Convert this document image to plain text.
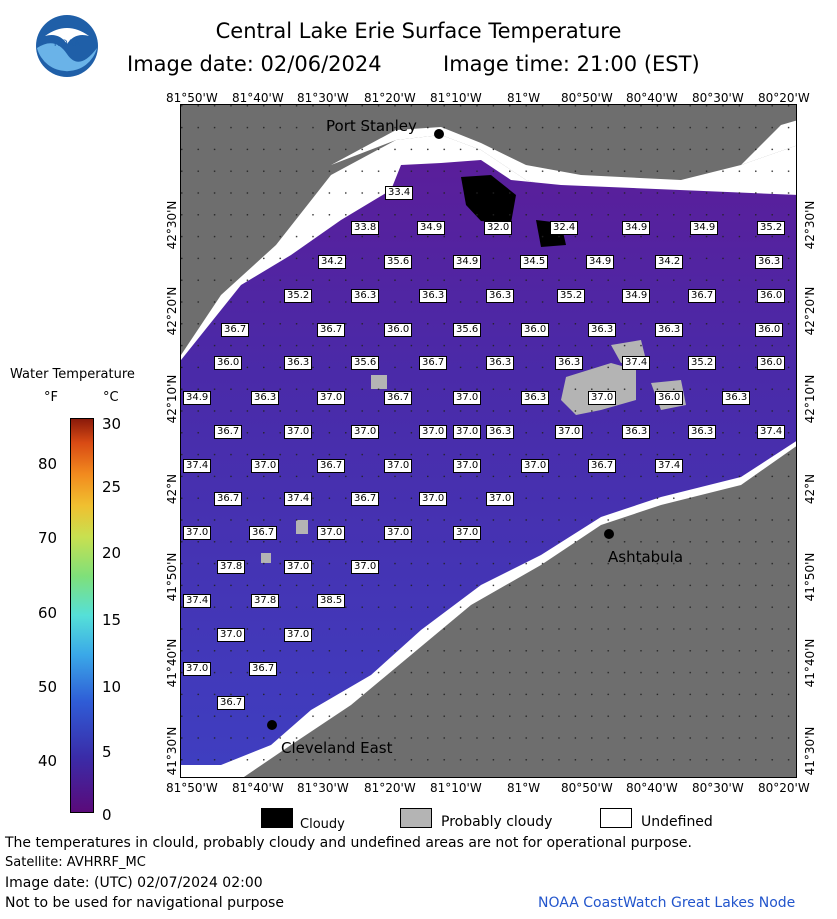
NOAA
Central Lake Erie Surface Temperature
Image date: 02/06/2024	Image time: 21:00 (EST)
81°50'W 81°40'W 81°30'W 81°20'W 81°10'W 81°W 80°50'W 80°40'W 80°30'W 80°20'W
81°50'W 81°40'W 81°30'W 81°20'W 81°10'W 81°W 80°50'W 80°40'W 80°30'W 80°20'W
42°30'N
42°20'N
42°10'N
42°N
41°50'N
41°40'N
41°30'N
42°30'N
42°20'N
42°10'N
42°N
41°50'N
41°40'N
41°30'N
Port Stanley
Ashtabula
Cleveland East
33.4
33.8	34.9	32.0	32.4	34.9	34.9	35.2
34.2	35.6	34.9	34.5	34.9	34.2	36.3
35.2	36.3	36.3	36.3	35.2	34.9	36.7	36.0
36.7	36.7	36.0	35.6	36.0	36.3	36.3	36.0
36.0	36.3	35.6	36.7	36.3	36.3	37.4	35.2	36.0
34.9	36.3	37.0	36.7	37.0	36.3	37.0	36.0	36.3
36.7	37.0	37.0	37.0	37.0	36.3	37.0	36.3	36.3	37.4
37.4	37.0	36.7	37.0	37.0	37.0	36.7	37.4
36.7	37.4	36.7	37.0	37.0
37.0	36.7	37.0	37.0	37.0
37.8	37.0	37.0
37.4	37.8	38.5
37.0	37.0
37.0	36.7
36.7
Water Temperature
°F	°C
80
70
60
50
40
30
25
20
15
10
5
0
Cloudy	Probably cloudy	Undefined
The temperatures in clould, probably cloudy and undefined areas are not for operational purpose.
Satellite: AVHRRF_MC
Image date: (UTC) 02/07/2024 02:00
Not to be used for navigational purpose	NOAA CoastWatch Great Lakes Node
